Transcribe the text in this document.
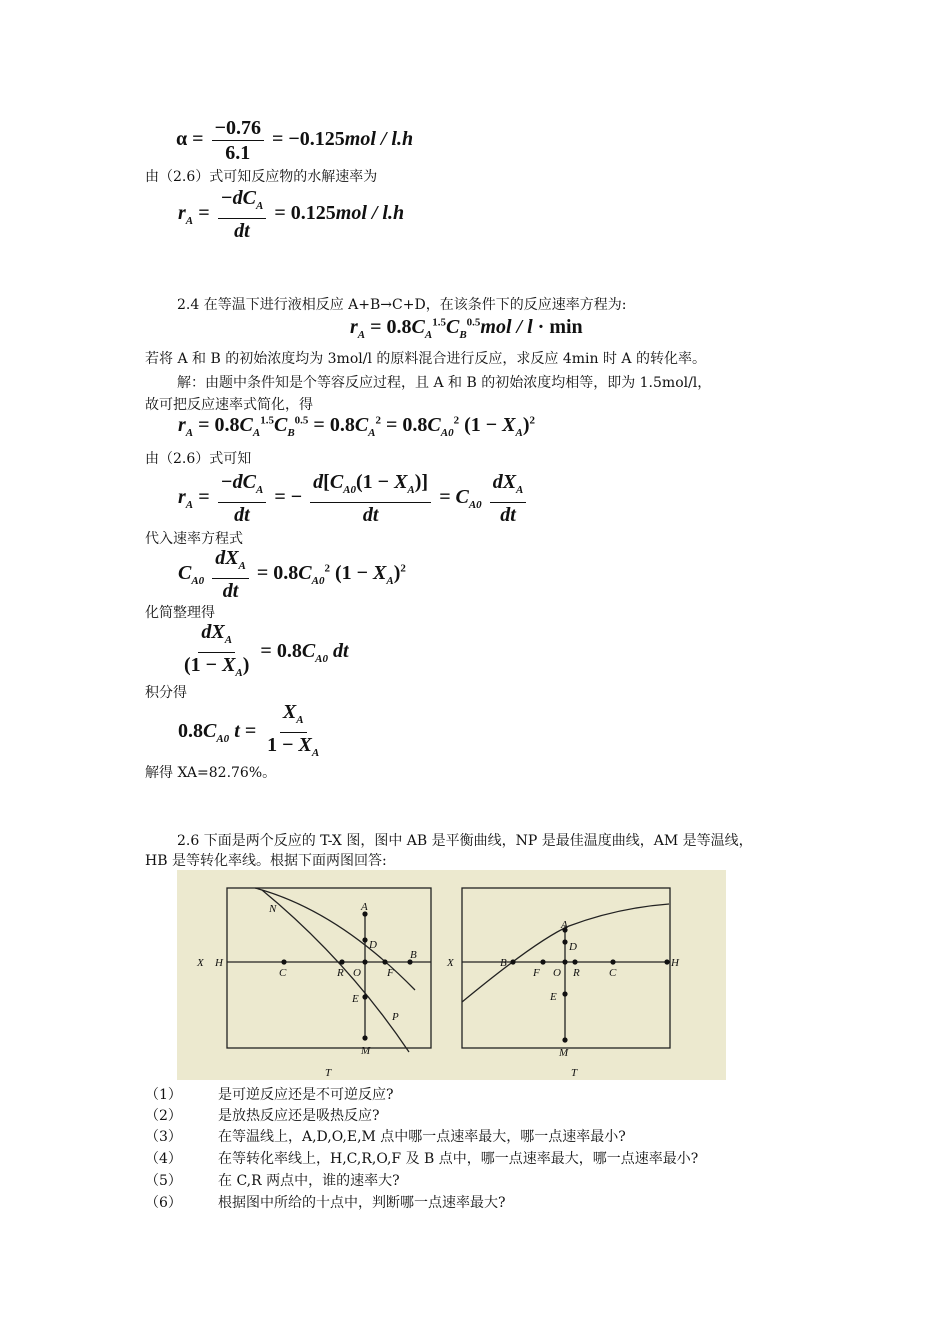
$\alpha = \frac{-0.76}{6.1} = -0.125mol / l.h$
由（2.6）式可知反应物的水解速率为
$r_A = \frac{-dC_A}{dt} = 0.125mol / l.h$
2.4 在等温下进行液相反应 A+B→C+D，在该条件下的反应速率方程为:
$r_A = 0.8C_A^{1.5}C_B^{0.5}mol / l \cdot \min$
若将 A 和 B 的初始浓度均为 3mol/l 的原料混合进行反应，求反应 4min 时 A 的转化率。
解：由题中条件知是个等容反应过程，且 A 和 B 的初始浓度均相等，即为 1.5mol/l，
故可把反应速率式简化，得
$r_A = 0.8C_A^{1.5}C_B^{0.5} = 0.8C_A^2 = 0.8C_{A0}^2$ $(1 - X_A)^2$
由（2.6）式可知
$r_A = \frac{-dC_A}{dt}$ = − $\frac{d[C_{A0}(1 - X_A)]}{dt} = C_{A0} \frac{dX_A}{dt}$
代入速率方程式
$C_{A0} \frac{dX_A}{dt} = 0.8C_{A0}^2$ $(1 - X_A)^2$
化简整理得
$\frac{dX_A}{(1 - X_A)} = 0.8C_{A0}$ dt
积分得
$0.8C_{A0}$ $t = \frac{X_A}{1 - X_A}$
解得 XA=82.76%。
2.6 下面是两个反应的 T-X 图，图中 AB 是平衡曲线，NP 是最佳温度曲线，AM 是等温线，
HB 是等转化率线。根据下面两图回答:
N	A
D
H
C	R O F
B
E
P
M
X
T
A
D
B
F O R	C
H
E
M
X
T
（1）	是可逆反应还是不可逆反应?
（2）	是放热反应还是吸热反应?
（3）	在等温线上，A,D,O,E,M 点中哪一点速率最大，哪一点速率最小?
（4）	在等转化率线上，H,C,R,O,F 及 B 点中，哪一点速率最大，哪一点速率最小?
（5）	在 C,R 两点中，谁的速率大?
（6）	根据图中所给的十点中，判断哪一点速率最大?
